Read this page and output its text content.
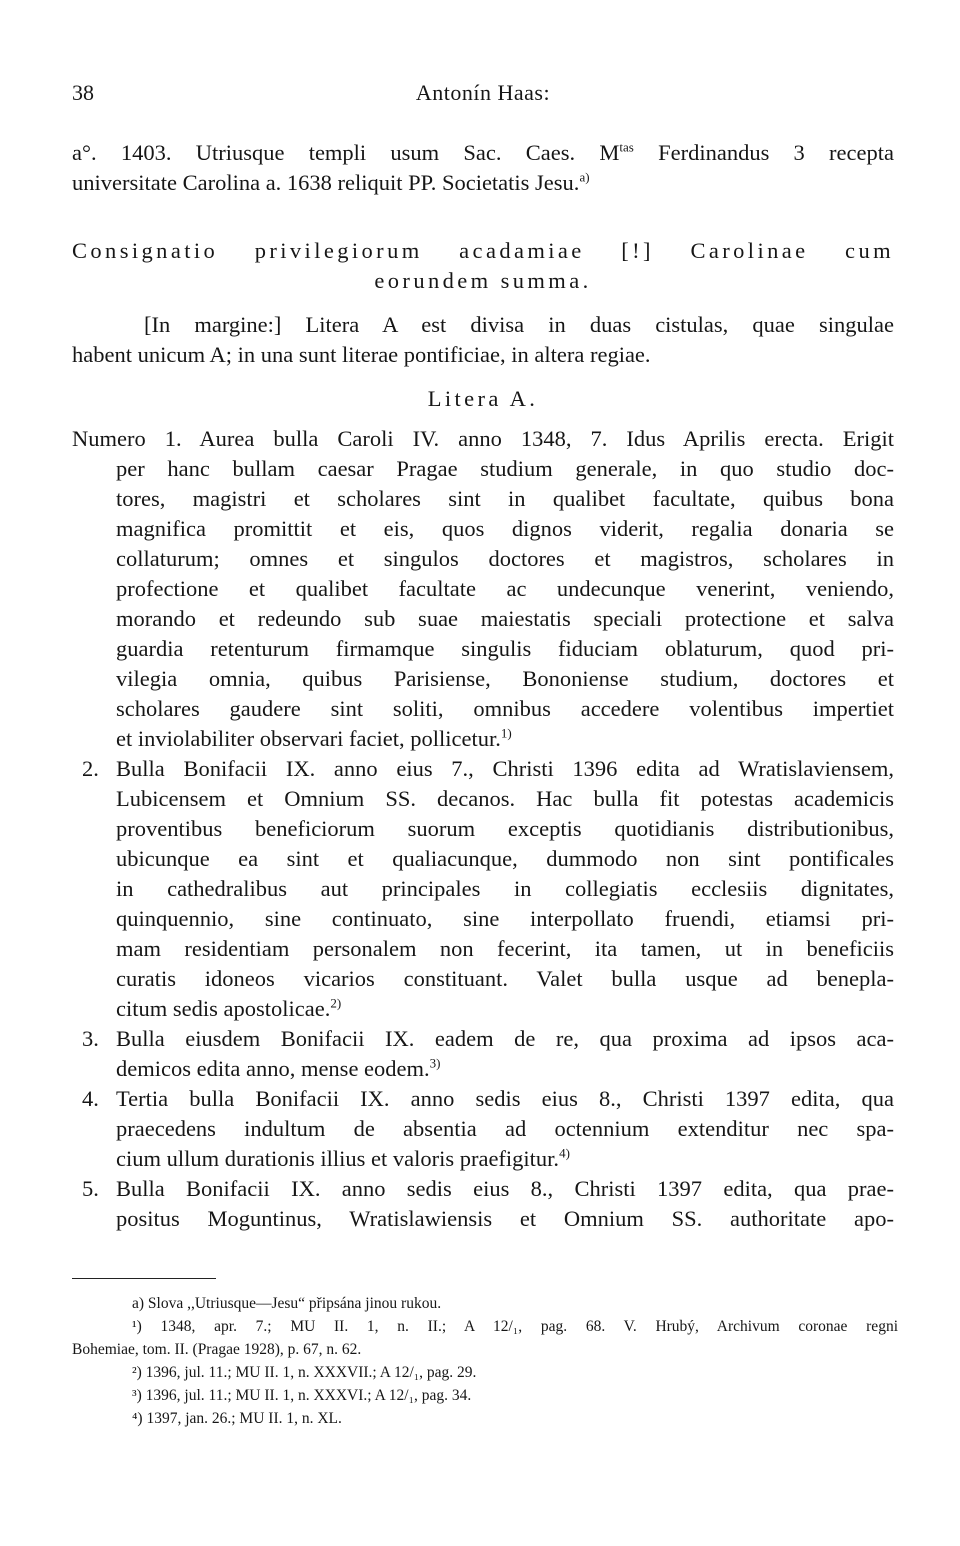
38	Antonín Haas:

a°. 1403. Utriusque templi usum Sac. Caes. $M^{tas}$ Ferdinandus 3 recepta

universitate Carolina a. 1638 reliquit PP. Societatis Jesu.$^{a)}$

Consignatio privilegiorum acadamiae [!] Carolinae cum

eorundem summa.

[In margine:] Litera A est divisa in duas cistulas, quae singulae

habent unicum A; in una sunt literae pontificiae, in altera regiae.

Litera A.

Numero 1. Aurea bulla Caroli IV. anno 1348, 7. Idus Aprilis erecta. Erigit

per hanc bullam caesar Pragae studium generale, in quo studio doc-

tores, magistri et scholares sint in qualibet facultate, quibus bona

magnifica promittit et eis, quos dignos viderit, regalia donaria se

collaturum; omnes et singulos doctores et magistros, scholares in

profectione et qualibet facultate ac undecunque venerint, veniendo,

morando et redeundo sub suae maiestatis speciali protectione et salva

guardia retenturum firmamque singulis fiduciam oblaturum, quod pri-

vilegia omnia, quibus Parisiense, Bononiense studium, doctores et

scholares gaudere sint soliti, omnibus accedere volentibus impertiet

et inviolabiliter observari faciet, pollicetur.$^{1)}$

2. Bulla Bonifacii IX. anno eius 7., Christi 1396 edita ad Wratislaviensem,

Lubicensem et Omnium SS. decanos. Hac bulla fit potestas academicis

proventibus beneficiorum suorum exceptis quotidianis distributionibus,

ubicunque ea sint et qualiacunque, dummodo non sint pontificales

in cathedralibus aut principales in collegiatis ecclesiis dignitates,

quinquennio, sine continuato, sine interpollato fruendi, etiamsi pri-

mam residentiam personalem non fecerint, ita tamen, ut in beneficiis

curatis idoneos vicarios constituant. Valet bulla usque ad benepla-

citum sedis apostolicae.$^{2)}$

3. Bulla eiusdem Bonifacii IX. eadem de re, qua proxima ad ipsos aca-

demicos edita anno, mense eodem.$^{3)}$

4. Tertia bulla Bonifacii IX. anno sedis eius 8., Christi 1397 edita, qua

praecedens indultum de absentia ad octennium extenditur nec spa-

cium ullum durationis illius et valoris praefigitur.$^{4)}$

5. Bulla Bonifacii IX. anno sedis eius 8., Christi 1397 edita, qua prae-

positus Moguntinus, Wratislawiensis et Omnium SS. authoritate apo-

a) Slova ,,Utriusque—Jesu“ připsána jinou rukou.

¹) 1348, apr. 7.; MU II. 1, n. II.; A 12/₁, pag. 68. V. Hrubý, Archivum coronae regni

Bohemiae, tom. II. (Pragae 1928), p. 67, n. 62.

²) 1396, jul. 11.; MU II. 1, n. XXXVII.; A 12/₁, pag. 29.

³) 1396, jul. 11.; MU II. 1, n. XXXVI.; A 12/₁, pag. 34.

⁴) 1397, jan. 26.; MU II. 1, n. XL.
